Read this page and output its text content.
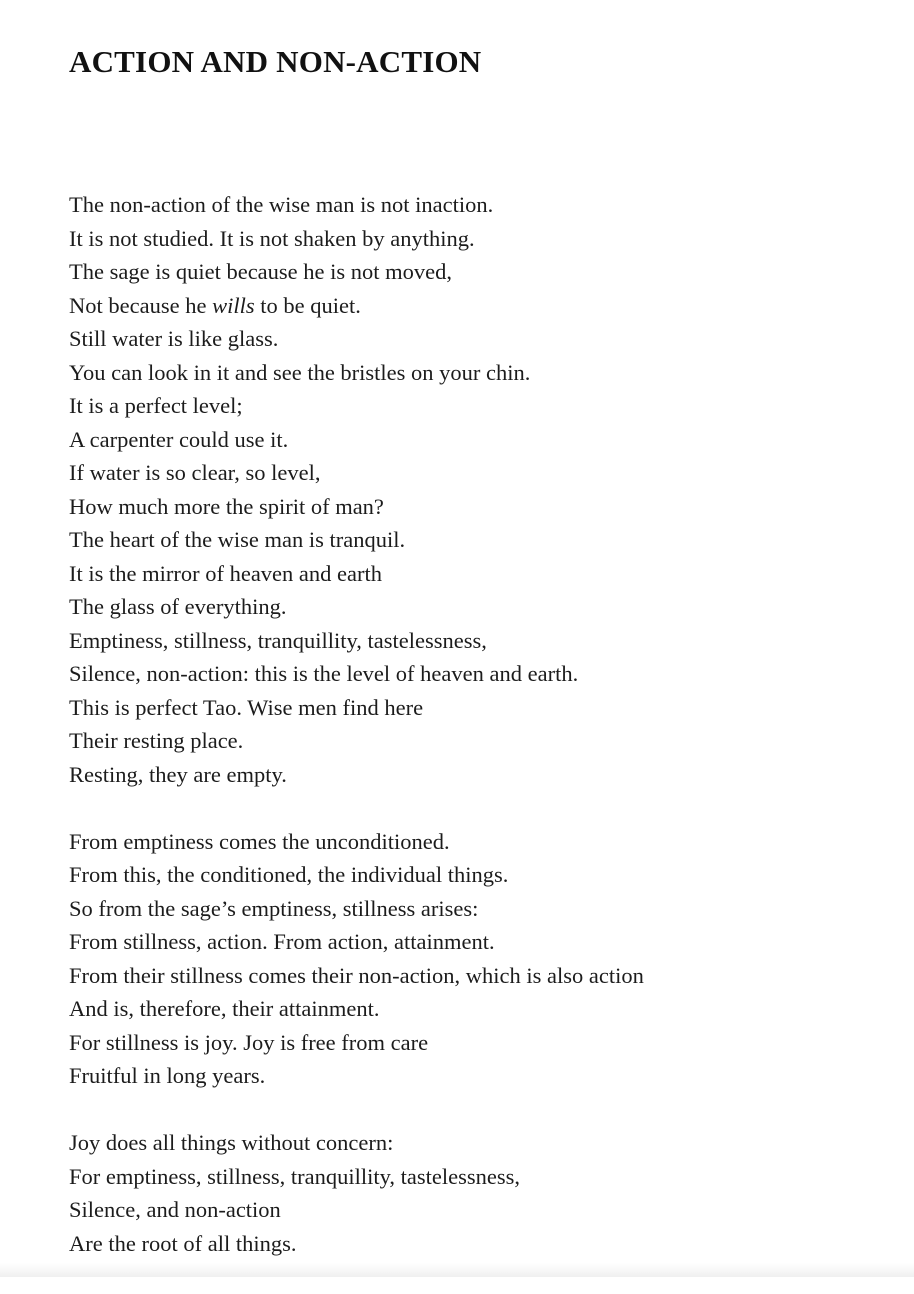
ACTION AND NON-ACTION
The non-action of the wise man is not inaction.
It is not studied. It is not shaken by anything.
The sage is quiet because he is not moved,
Not because he wills to be quiet.
Still water is like glass.
You can look in it and see the bristles on your chin.
It is a perfect level;
A carpenter could use it.
If water is so clear, so level,
How much more the spirit of man?
The heart of the wise man is tranquil.
It is the mirror of heaven and earth
The glass of everything.
Emptiness, stillness, tranquillity, tastelessness,
Silence, non-action: this is the level of heaven and earth.
This is perfect Tao. Wise men find here
Their resting place.
Resting, they are empty.
From emptiness comes the unconditioned.
From this, the conditioned, the individual things.
So from the sage’s emptiness, stillness arises:
From stillness, action. From action, attainment.
From their stillness comes their non-action, which is also action
And is, therefore, their attainment.
For stillness is joy. Joy is free from care
Fruitful in long years.
Joy does all things without concern:
For emptiness, stillness, tranquillity, tastelessness,
Silence, and non-action
Are the root of all things.
